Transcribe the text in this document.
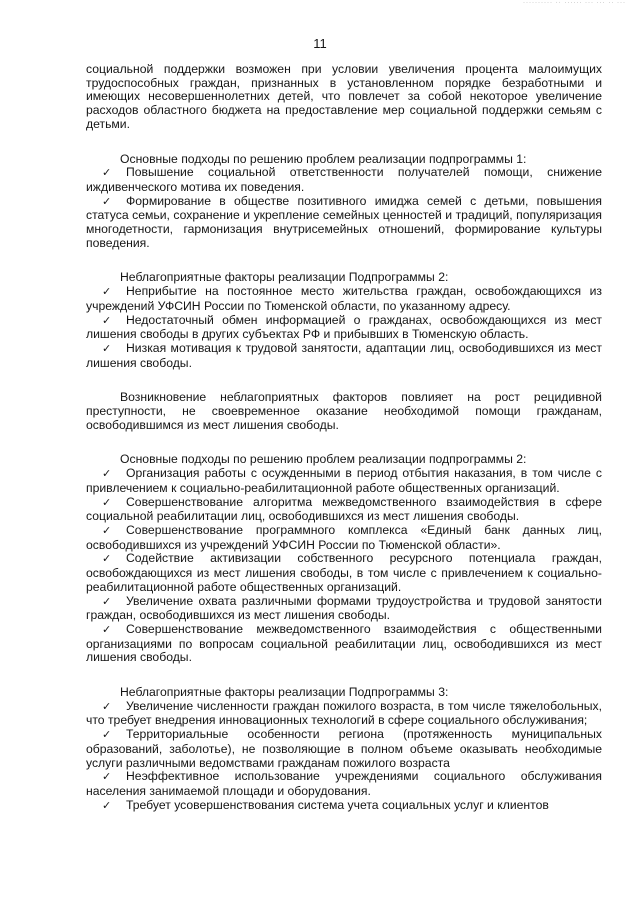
·········· ·· ······ ··· ··· ·· ···
11

социальной поддержки возможен при условии увеличения процента малоимущих трудоспособных граждан, признанных в установленном порядке безработными и имеющих несовершеннолетних детей, что повлечет за собой некоторое увеличение расходов областного бюджета на предоставление мер социальной поддержки семьям с детьми.

Основные подходы по решению проблем реализации подпрограммы 1:

✓ Повышение социальной ответственности получателей помощи, снижение иждивенческого мотива их поведения.

✓ Формирование в обществе позитивного имиджа семей с детьми, повышения статуса семьи, сохранение и укрепление семейных ценностей и традиций, популяризация многодетности, гармонизация внутрисемейных отношений, формирование культуры поведения.

Неблагоприятные факторы реализации Подпрограммы 2:

✓ Неприбытие на постоянное место жительства граждан, освобождающихся из учреждений УФСИН России по Тюменской области, по указанному адресу.

✓ Недостаточный обмен информацией о гражданах, освобождающихся из мест лишения свободы в других субъектах РФ и прибывших в Тюменскую область.

✓ Низкая мотивация к трудовой занятости, адаптации лиц, освободившихся из мест лишения свободы.

Возникновение неблагоприятных факторов повлияет на рост рецидивной преступности, не своевременное оказание необходимой помощи гражданам, освободившимся из мест лишения свободы.

Основные подходы по решению проблем реализации подпрограммы 2:

✓ Организация работы с осужденными в период отбытия наказания, в том числе с привлечением к социально-реабилитационной работе общественных организаций.

✓ Совершенствование алгоритма межведомственного взаимодействия в сфере социальной реабилитации лиц, освободившихся из мест лишения свободы.

✓ Совершенствование программного комплекса «Единый банк данных лиц, освободившихся из учреждений УФСИН России по Тюменской области».

✓ Содействие активизации собственного ресурсного потенциала граждан, освобождающихся из мест лишения свободы, в том числе с привлечением к социально-реабилитационной работе общественных организаций.

✓ Увеличение охвата различными формами трудоустройства и трудовой занятости граждан, освободившихся из мест лишения свободы.

✓ Совершенствование межведомственного взаимодействия с общественными организациями по вопросам социальной реабилитации лиц, освободившихся из мест лишения свободы.

Неблагоприятные факторы реализации Подпрограммы 3:

✓ Увеличение численности граждан пожилого возраста, в том числе тяжелобольных, что требует внедрения инновационных технологий в сфере социального обслуживания;

✓ Территориальные особенности региона (протяженность муниципальных образований, заболотье), не позволяющие в полном объеме оказывать необходимые услуги различными ведомствами гражданам пожилого возраста

✓ Неэффективное использование учреждениями социального обслуживания населения занимаемой площади и оборудования.

✓ Требует усовершенствования система учета социальных услуг и клиентов
